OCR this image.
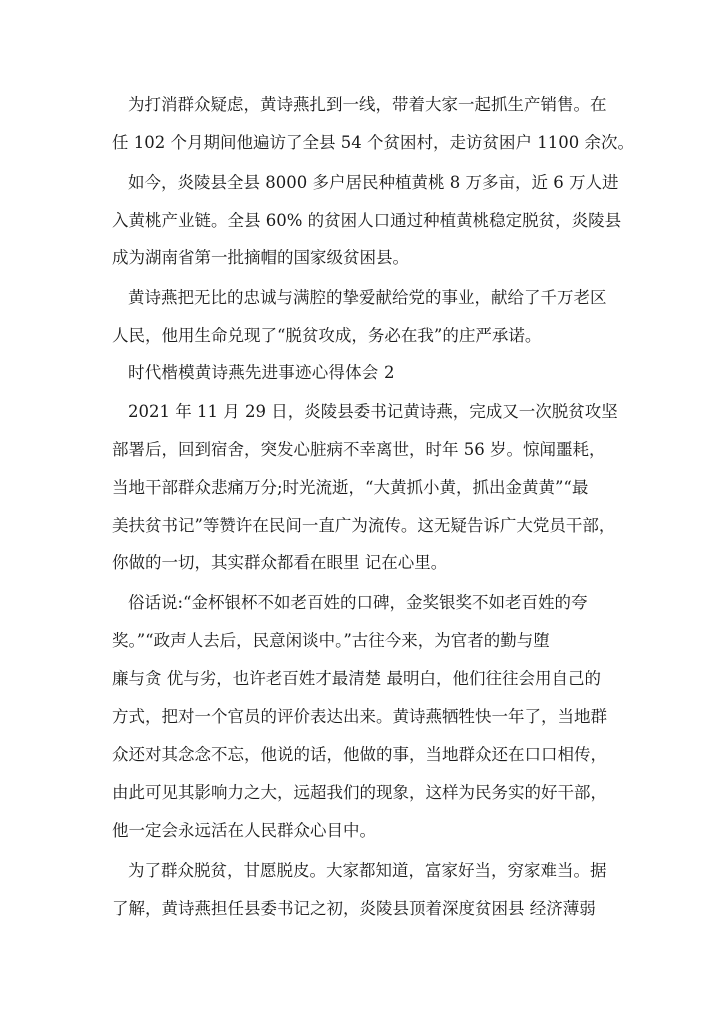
为打消群众疑虑，黄诗燕扎到一线，带着大家一起抓生产销售。在
任 102 个月期间他遍访了全县 54 个贫困村，走访贫困户 1100 余次。
如今，炎陵县全县 8000 多户居民种植黄桃 8 万多亩，近 6 万人进
入黄桃产业链。全县 60% 的贫困人口通过种植黄桃稳定脱贫，炎陵县
成为湖南省第一批摘帽的国家级贫困县。
黄诗燕把无比的忠诚与满腔的挚爱献给党的事业，献给了千万老区
人民，他用生命兑现了“脱贫攻成，务必在我”的庄严承诺。
时代楷模黄诗燕先进事迹心得体会 2
2021 年 11 月 29 日，炎陵县委书记黄诗燕，完成又一次脱贫攻坚
部署后，回到宿舍，突发心脏病不幸离世，时年 56 岁。惊闻噩耗，
当地干部群众悲痛万分;时光流逝，“大黄抓小黄，抓出金黄黄”“最
美扶贫书记”等赞许在民间一直广为流传。这无疑告诉广大党员干部，
你做的一切，其实群众都看在眼里 记在心里。
俗话说:“金杯银杯不如老百姓的口碑，金奖银奖不如老百姓的夸
奖。”“政声人去后，民意闲谈中。”古往今来，为官者的勤与堕
廉与贪 优与劣，也许老百姓才最清楚 最明白，他们往往会用自己的
方式，把对一个官员的评价表达出来。黄诗燕牺牲快一年了，当地群
众还对其念念不忘，他说的话，他做的事，当地群众还在口口相传，
由此可见其影响力之大，远超我们的现象，这样为民务实的好干部，
他一定会永远活在人民群众心目中。
为了群众脱贫，甘愿脱皮。大家都知道，富家好当，穷家难当。据
了解，黄诗燕担任县委书记之初，炎陵县顶着深度贫困县 经济薄弱
